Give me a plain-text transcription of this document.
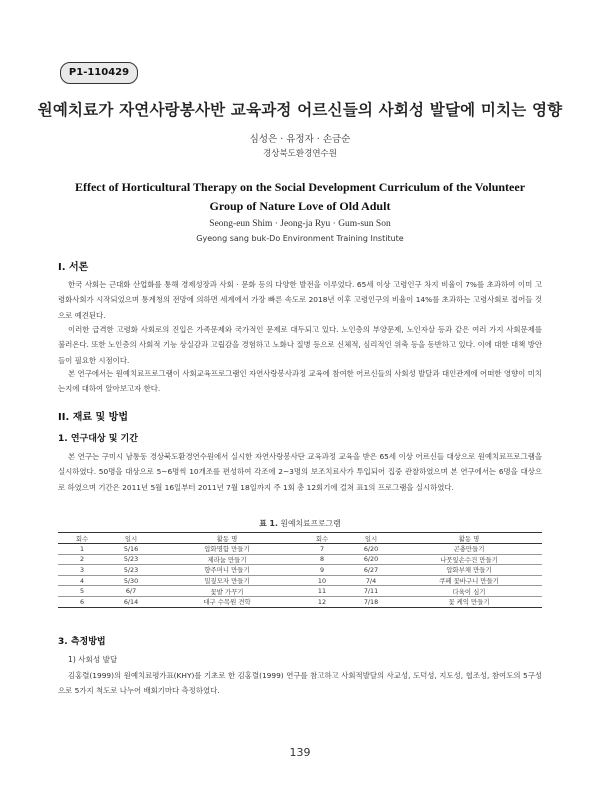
P1-110429
원예치료가 자연사랑봉사반 교육과정 어르신들의 사회성 발달에 미치는 영향
심성은 · 유정자 · 손금순
경상북도환경연수원
Effect of Horticultural Therapy on the Social Development Curriculum of the Volunteer
Group of Nature Love of Old Adult
Seong-eun Shim · Jeong-ja Ryu · Gum-sun Son
Gyeong sang buk-Do Environment Training Institute
I. 서론

한국 사회는 근대화 산업화를 통해 경제성장과 사회 · 문화 등의 다양한 발전을 이루었다. 65세 이상 고령인구 차지 비율이 7%를 초과하여 이미 고령화사회가 시작되었으며 통계청의 전망에 의하면 세계에서 가장 빠른 속도로 2018년 이후 고령인구의 비율이 14%를 초과하는 고령사회로 접어들 것으로 예견된다.

이러한 급격한 고령화 사회로의 진입은 가족문제와 국가적인 문제로 대두되고 있다. 노인층의 부양문제, 노인자살 등과 같은 여러 가지 사회문제를 불러온다. 또한 노인층의 사회적 기능 상실감과 고립감을 경험하고 노화나 질병 등으로 신체적, 심리적인 위축 등을 동반하고 있다. 이에 대한 대책 방안들이 필요한 시점이다.

본 연구에서는 원예치료프로그램이 사회교육프로그램인 자연사랑봉사과정 교육에 참여한 어르신들의 사회성 발달과 대인관계에 어떠한 영향이 미치는지에 대하여 알아보고자 한다.

II. 재료 및 방법
1. 연구대상 및 기간

본 연구는 구미시 남통동 경상북도환경연수원에서 실시한 자연사랑봉사단 교육과정 교육을 받은 65세 이상 어르신들 대상으로 원예치료프로그램을 실시하였다. 50명을 대상으로 5~6명씩 10개조를 편성하여 각조에 2~3명의 보조치료사가 투입되어 집중 관찰하였으며 본 연구에서는 6명을 대상으로 하였으며 기간은 2011년 5월 16일부터 2011년 7월 18일까지 주 1회 총 12회기에 걸쳐 표1의 프로그램을 실시하였다.

표 1. 원예치료프로그램
회수	일시	활동 명	회수	일시	활동 명
1	5/16	압화명함 만들기	7	6/20	곤충만들기
2	5/23	제라늄 만들기	8	6/20	나뭇잎손수건 만들기
3	5/23	향주머니 만들기	9	6/27	압화부채 만들기
4	5/30	밀짚모자 만들기	10	7/4	쿠페 꽃바구니 만들기
5	6/7	꽃밭 가꾸기	11	7/11	다육이 심기
6	6/14	대구 수목원 견학	12	7/18	꽃 케익 만들기
3. 측정방법
1) 사회성 발달

김홍렬(1999)의 원예치료평가표(KHY)를 기초로 한 김홍렬(1999) 연구를 참고하고 사회적발달의 사교성, 도덕성, 지도성, 협조성, 참여도의 5구성으로 5가지 척도로 나누어 배회기마다 측정하였다.

139
